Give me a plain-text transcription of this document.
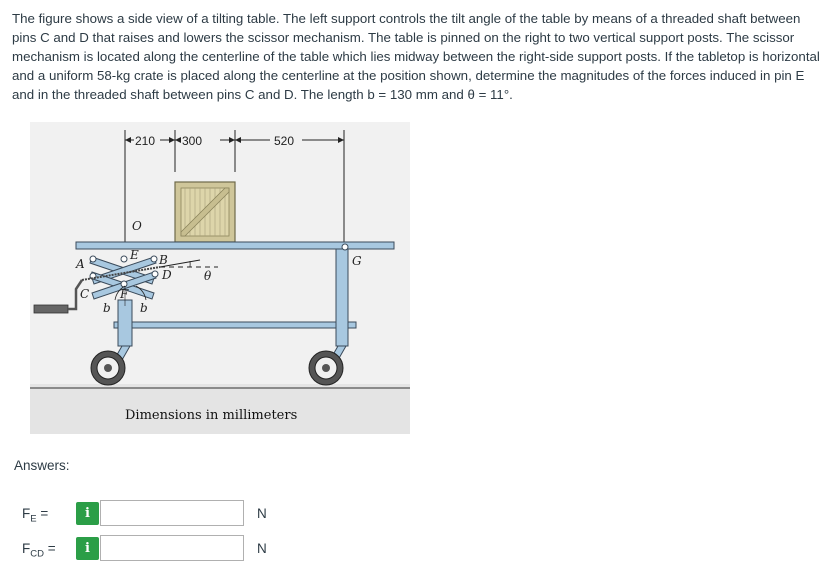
The figure shows a side view of a tilting table. The left support controls the tilt angle of the table by means of a threaded shaft between pins C and D that raises and lowers the scissor mechanism. The table is pinned on the right to two vertical support posts. The scissor mechanism is located along the centerline of the table which lies midway between the right-side support posts. If the tabletop is horizontal and a uniform 58-kg crate is placed along the centerline at the position shown, determine the magnitudes of the forces induced in pin E and in the threaded shaft between pins C and D. The length b = 130 mm and θ = 11°.

210 300	520
O
A	B
C
D
E
F
G
θ
b b
Dimensions in millimeters
Answers:
$F_E$ =	i	N
$F_{CD}$ =	i	N
